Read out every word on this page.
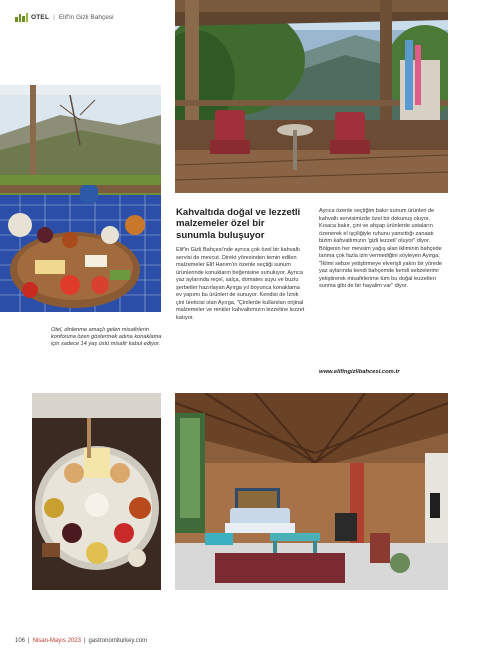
OTEL | Elif'in Gizli Bahçesi

Otel, dinlenme amaçlı gelen misafirlerin konforuna özen göstermek adına konaklama için sadece 14 yaş üstü misafir kabul ediyor.

Kahvaltıda doğal ve lezzetli malzemeler özel bir sunumla buluşuyor

Elif'in Gizli Bahçesi'nde ayrıca çok özel bir kahvaltı servisi de mevcut. Direkt yöresinden temin edilen malzemeler Elif Hanım'ın özenle seçtiği sunum ürünlerinde konukların beğenisine sunuluyor. Ayrıca yaz aylarında reçel, salça, domates suyu ve buzlu şerbetler hazırlayan Ayırga yıl boyunca konaklama ev yapımı bu ürünleri de sunuyor. Kendisi de İznik çini üreticisi olan Ayırga, "Çinilerde kullanılan orijinal malzemeler ve renkler kahvaltımızın lezzetine lezzet katıyor.

Ayrıca özenle seçtiğim bakır sunum ürünleri de kahvaltı servisimizde özel bir dokunuş oluyor. Kısaca bakır, çini ve ahşap ürünlerde ustaların özenerek el işçiliğiyle ruhunu yansıttığı zanaatı bizim kahvaltımızın 'gizli lezzeti' oluyor" diyor. Bölgenin her mevsim yağış alan ikliminin bahçede tanma çok fazla izin vermediğini söyleyen Ayırga, "İklimi sebze yetiştirmeye elverişli yakın bir yörede yaz aylarında kendi bahçemde kendi sebzelerimi yetiştirerek misafirlerime tüm bu doğal lezzetleri sunma gibi de bir hayalim var" diyor.

www.elifingizlibahcesi.com.tr
106 | Nisan-Mayıs 2023 | gastronomiturkey.com
